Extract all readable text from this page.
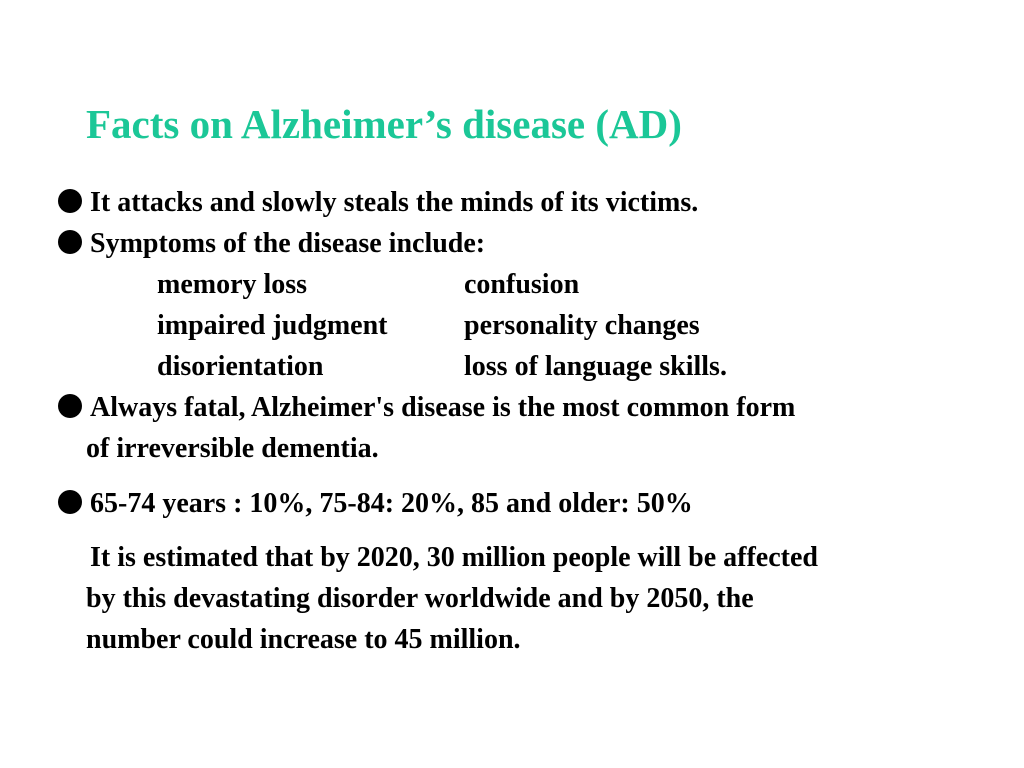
Facts on Alzheimer’s disease (AD)
It attacks and slowly steals the minds of its victims.
Symptoms of the disease include:
memory loss	confusion
impaired judgment	personality changes
disorientation	loss of language skills.
Always fatal, Alzheimer's disease is the most common form
of irreversible dementia.
65-74 years : 10%, 75-84: 20%, 85 and older: 50%
It is estimated that by 2020, 30 million people will be affected
by this devastating disorder worldwide and by 2050, the
number could increase to 45 million.
